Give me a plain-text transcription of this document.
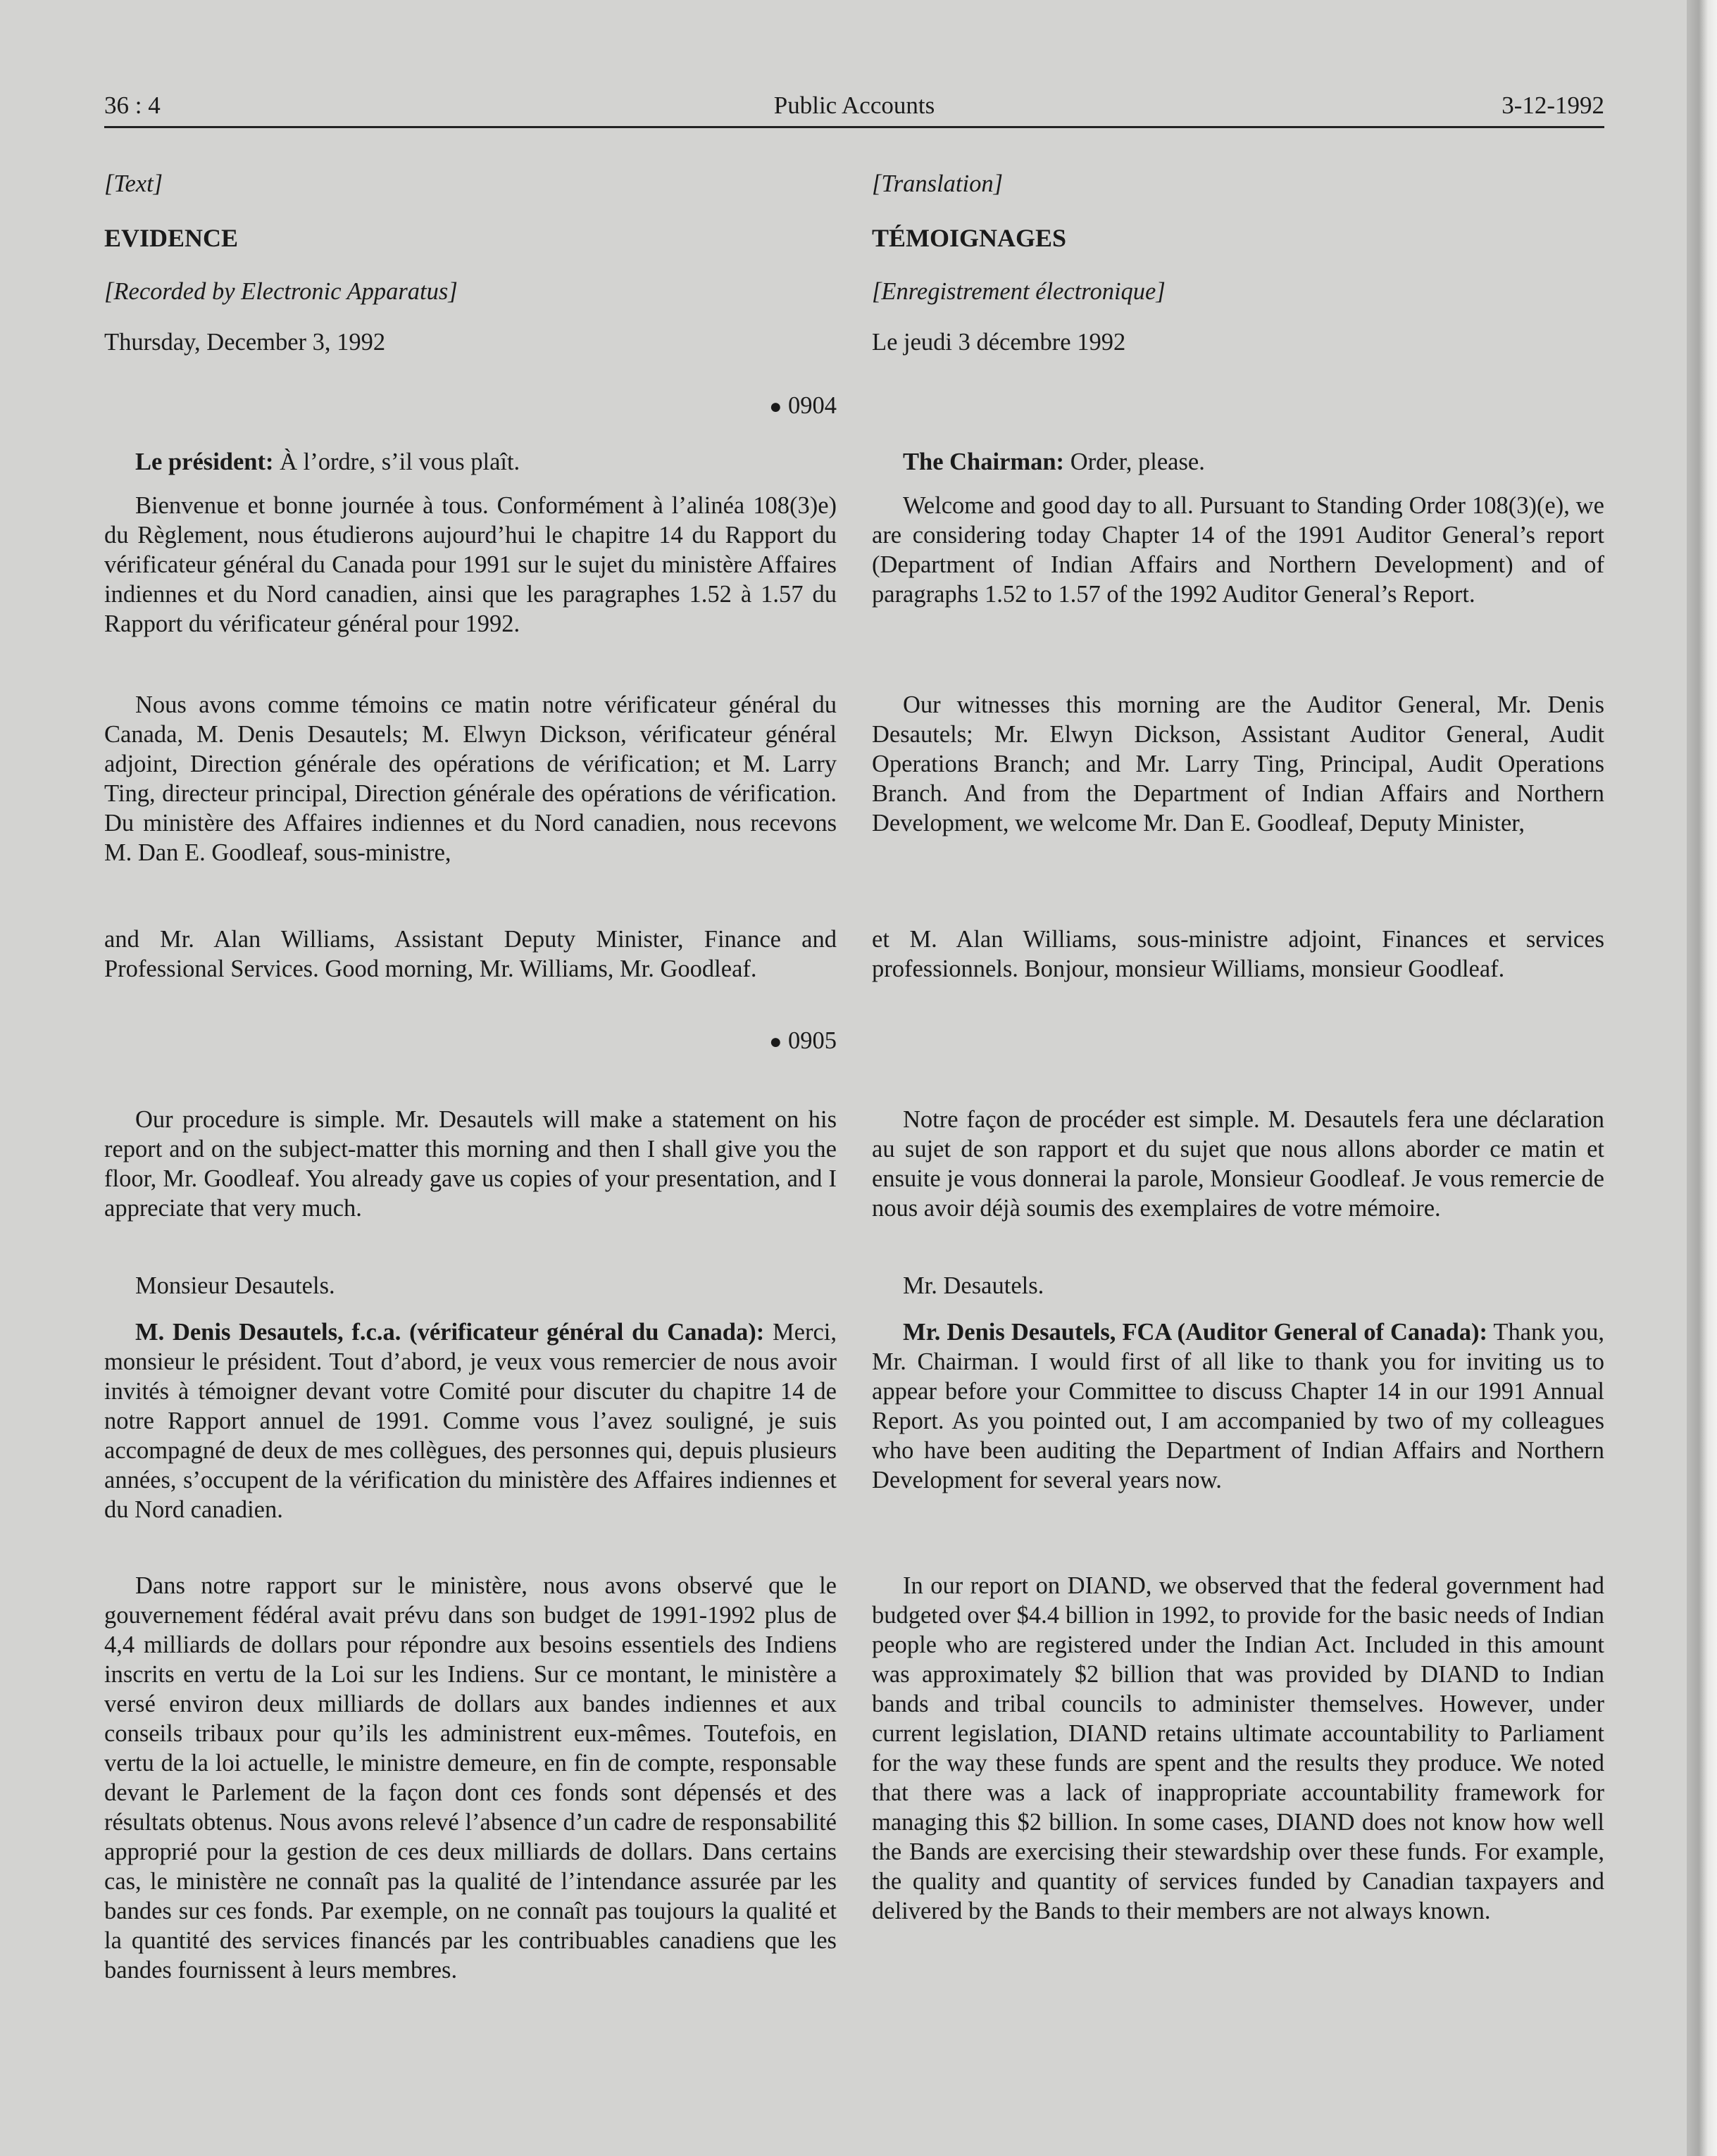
36 : 4	Public Accounts	3-12-1992

[Text]

EVIDENCE

[Recorded by Electronic Apparatus]

Thursday, December 3, 1992

● 0904

Le président: À l’ordre, s’il vous plaît.

Bienvenue et bonne journée à tous. Conformément à l’alinéa 108(3)e) du Règlement, nous étudierons aujourd’hui le chapitre 14 du Rapport du vérificateur général du Canada pour 1991 sur le sujet du ministère Affaires indiennes et du Nord canadien, ainsi que les paragraphes 1.52 à 1.57 du Rapport du vérificateur général pour 1992.

Nous avons comme témoins ce matin notre vérificateur général du Canada, M. Denis Desautels; M. Elwyn Dickson, vérificateur général adjoint, Direction générale des opérations de vérification; et M. Larry Ting, directeur principal, Direction générale des opérations de vérification. Du ministère des Affaires indiennes et du Nord canadien, nous recevons M. Dan E. Goodleaf, sous-ministre,

and Mr. Alan Williams, Assistant Deputy Minister, Finance and Professional Services. Good morning, Mr. Williams, Mr. Goodleaf.

● 0905

Our procedure is simple. Mr. Desautels will make a statement on his report and on the subject-matter this morning and then I shall give you the floor, Mr. Goodleaf. You already gave us copies of your presentation, and I appreciate that very much.

Monsieur Desautels.

M. Denis Desautels, f.c.a. (vérificateur général du Canada): Merci, monsieur le président. Tout d’abord, je veux vous remercier de nous avoir invités à témoigner devant votre Comité pour discuter du chapitre 14 de notre Rapport annuel de 1991. Comme vous l’avez souligné, je suis accompagné de deux de mes collègues, des personnes qui, depuis plusieurs années, s’occupent de la vérification du ministère des Affaires indiennes et du Nord canadien.

Dans notre rapport sur le ministère, nous avons observé que le gouvernement fédéral avait prévu dans son budget de 1991-1992 plus de 4,4 milliards de dollars pour répondre aux besoins essentiels des Indiens inscrits en vertu de la Loi sur les Indiens. Sur ce montant, le ministère a versé environ deux milliards de dollars aux bandes indiennes et aux conseils tribaux pour qu’ils les administrent eux-mêmes. Toutefois, en vertu de la loi actuelle, le ministre demeure, en fin de compte, responsable devant le Parlement de la façon dont ces fonds sont dépensés et des résultats obtenus. Nous avons relevé l’absence d’un cadre de responsabilité approprié pour la gestion de ces deux milliards de dollars. Dans certains cas, le ministère ne connaît pas la qualité de l’intendance assurée par les bandes sur ces fonds. Par exemple, on ne connaît pas toujours la qualité et la quantité des services financés par les contribuables canadiens que les bandes fournissent à leurs membres.

[Translation]

TÉMOIGNAGES

[Enregistrement électronique]

Le jeudi 3 décembre 1992

The Chairman: Order, please.

Welcome and good day to all. Pursuant to Standing Order 108(3)(e), we are considering today Chapter 14 of the 1991 Auditor General’s report (Department of Indian Affairs and Northern Development) and of paragraphs 1.52 to 1.57 of the 1992 Auditor General’s Report.

Our witnesses this morning are the Auditor General, Mr. Denis Desautels; Mr. Elwyn Dickson, Assistant Auditor General, Audit Operations Branch; and Mr. Larry Ting, Principal, Audit Operations Branch. And from the Department of Indian Affairs and Northern Development, we welcome Mr. Dan E. Goodleaf, Deputy Minister,

et M. Alan Williams, sous-ministre adjoint, Finances et services professionnels. Bonjour, monsieur Williams, monsieur Goodleaf.

Notre façon de procéder est simple. M. Desautels fera une déclaration au sujet de son rapport et du sujet que nous allons aborder ce matin et ensuite je vous donnerai la parole, Monsieur Goodleaf. Je vous remercie de nous avoir déjà soumis des exemplaires de votre mémoire.

Mr. Desautels.

Mr. Denis Desautels, FCA (Auditor General of Canada): Thank you, Mr. Chairman. I would first of all like to thank you for inviting us to appear before your Committee to discuss Chapter 14 in our 1991 Annual Report. As you pointed out, I am accompanied by two of my colleagues who have been auditing the Department of Indian Affairs and Northern Development for several years now.

In our report on DIAND, we observed that the federal government had budgeted over $4.4 billion in 1992, to provide for the basic needs of Indian people who are registered under the Indian Act. Included in this amount was approximately $2 billion that was provided by DIAND to Indian bands and tribal councils to administer themselves. However, under current legislation, DIAND retains ultimate accountability to Parliament for the way these funds are spent and the results they produce. We noted that there was a lack of inappropriate accountability framework for managing this $2 billion. In some cases, DIAND does not know how well the Bands are exercising their stewardship over these funds. For example, the quality and quantity of services funded by Canadian taxpayers and delivered by the Bands to their members are not always known.
